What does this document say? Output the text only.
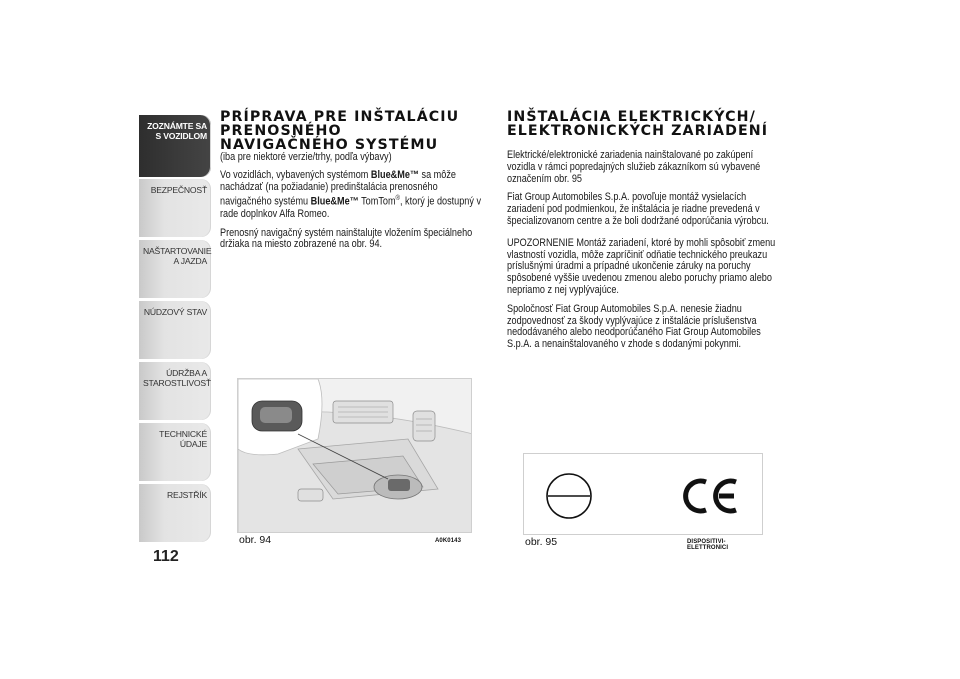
ZOZNÁMTE SA S VOZIDLOM
BEZPEČNOSŤ
NAŠTARTOVANIE A JAZDA
NÚDZOVÝ STAV
ÚDRŽBA A STAROSTLIVOSŤ
TECHNICKÉ ÚDAJE
REJSTŘÍK
112
PRÍPRAVA PRE INŠTALÁCIU PRENOSNÉHO NAVIGAČNÉHO SYSTÉMU

(iba pre niektoré verzie/trhy, podľa výbavy)

Vo vozidlách, vybavených systémom Blue&Me™ sa môže nachádzať (na požiadanie) predinštalácia prenosného navigačného systému Blue&Me™ TomTom®, ktorý je dostupný v rade doplnkov Alfa Romeo.

Prenosný navigačný systém nainštalujte vložením špeciálneho držiaka na miesto zobrazené na obr. 94.

obr. 94	A0K0143
INŠTALÁCIA ELEKTRICKÝCH/ ELEKTRONICKÝCH ZARIADENÍ

Elektrické/elektronické zariadenia nainštalované po zakúpení vozidla v rámci popredajných služieb zákazníkom sú vybavené označením obr. 95

Fiat Group Automobiles S.p.A. povoľuje montáž vysielacích zariadení pod podmienkou, že inštalácia je riadne prevedená v špecializovanom centre a že boli dodržané odporúčania výrobcu.

UPOZORNENIE Montáž zariadení, ktoré by mohli spôsobiť zmenu vlastností vozidla, môže zapríčiniť odňatie technického preukazu príslušnými úradmi a prípadné ukončenie záruky na poruchy spôsobené vyššie uvedenou zmenou alebo poruchy priamo alebo nepriamo z nej vyplývajúce.

Spoločnosť Fiat Group Automobiles S.p.A. nenesie žiadnu zodpovednosť za škody vyplývajúce z inštalácie príslušenstva nedodávaného alebo neodporúčaného Fiat Group Automobiles S.p.A. a nenainštalovaného v zhode s dodanými pokynmi.

obr. 95	DISPOSITIVI-ELETTRONICI
